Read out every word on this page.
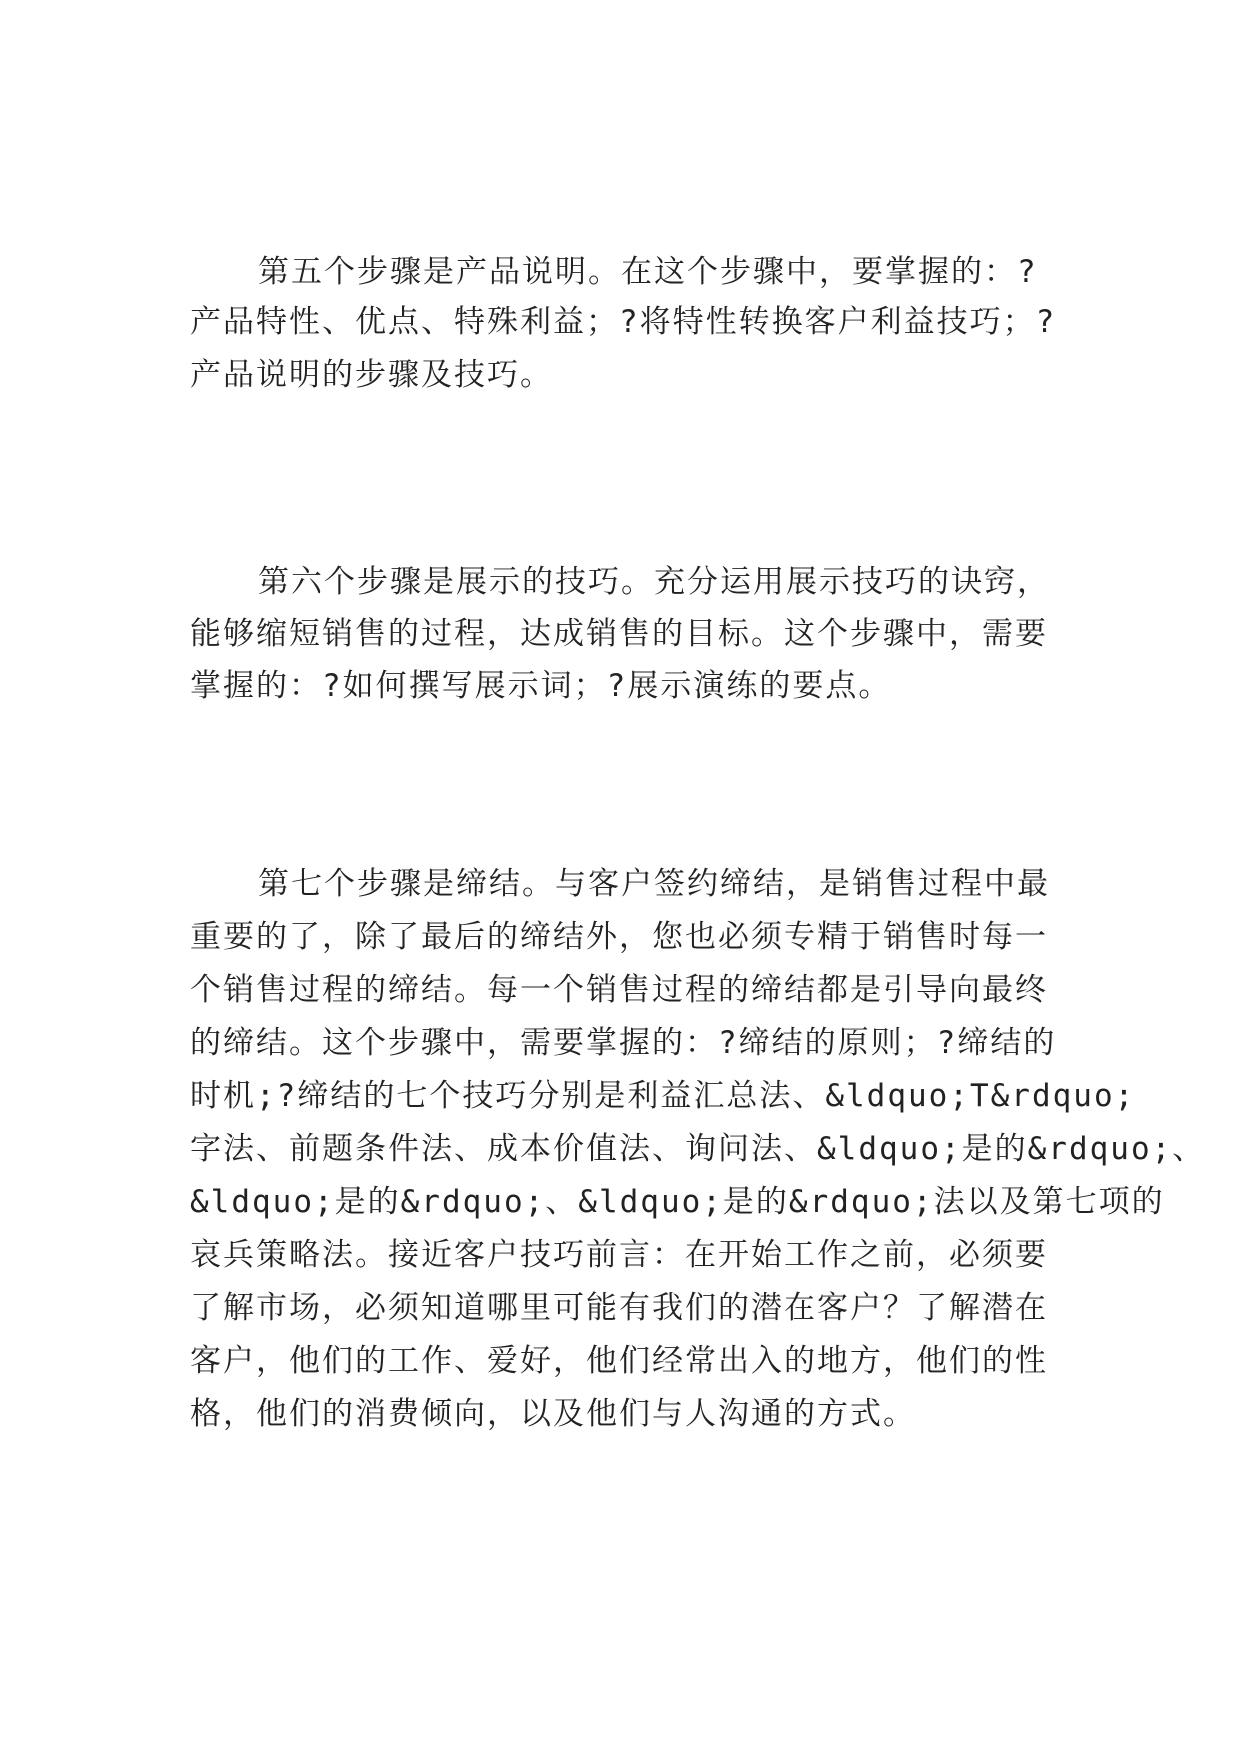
第五个步骤是产品说明。在这个步骤中，要掌握的：?
产品特性、优点、特殊利益；?将特性转换客户利益技巧；?
产品说明的步骤及技巧。
第六个步骤是展示的技巧。充分运用展示技巧的诀窍，
能够缩短销售的过程，达成销售的目标。这个步骤中，需要
掌握的：?如何撰写展示词；?展示演练的要点。
第七个步骤是缔结。与客户签约缔结，是销售过程中最
重要的了，除了最后的缔结外，您也必须专精于销售时每一
个销售过程的缔结。每一个销售过程的缔结都是引导向最终
的缔结。这个步骤中，需要掌握的：?缔结的原则；?缔结的
时机;?缔结的七个技巧分别是利益汇总法、&ldquo;T&rdquo;
字法、前题条件法、成本价值法、询问法、&ldquo;是的&rdquo;、
&ldquo;是的&rdquo;、&ldquo;是的&rdquo;法以及第七项的
哀兵策略法。接近客户技巧前言：在开始工作之前，必须要
了解市场，必须知道哪里可能有我们的潜在客户？了解潜在
客户，他们的工作、爱好，他们经常出入的地方，他们的性
格，他们的消费倾向，以及他们与人沟通的方式。
